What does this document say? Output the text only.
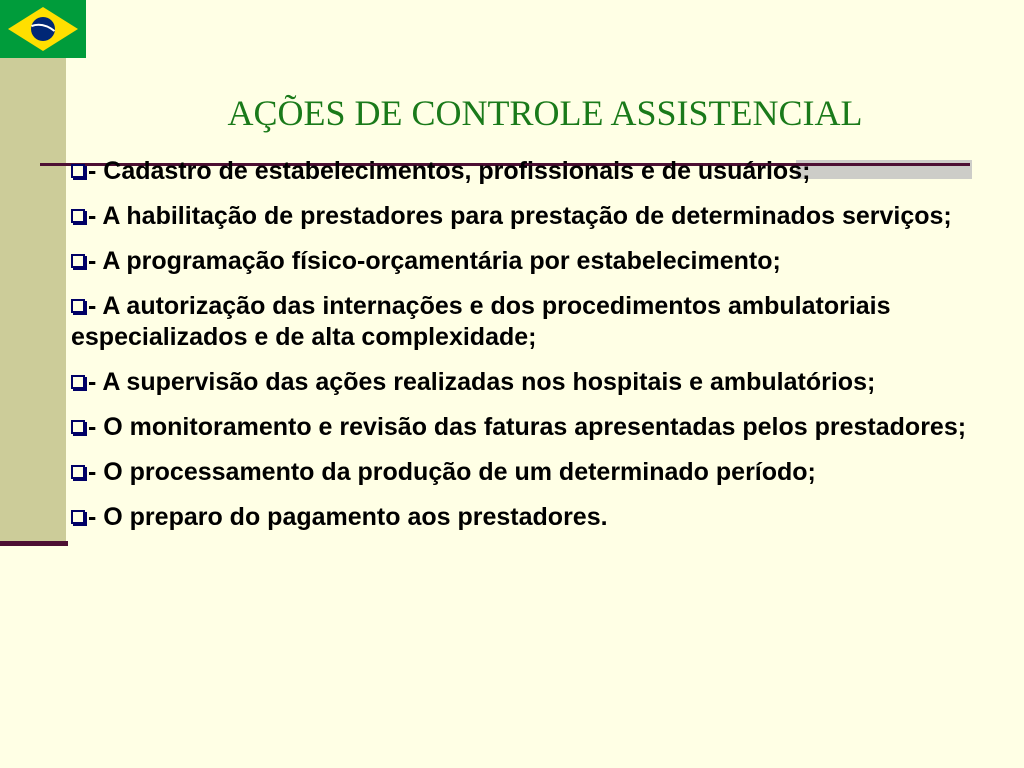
AÇÕES DE CONTROLE ASSISTENCIAL
- Cadastro de estabelecimentos, profissionais e de usuários;
- A habilitação de prestadores para prestação de determinados serviços;
- A programação físico-orçamentária por estabelecimento;
- A autorização das internações e dos procedimentos ambulatoriais especializados e de alta complexidade;
- A supervisão das ações realizadas nos hospitais e ambulatórios;
- O monitoramento e revisão das faturas apresentadas pelos prestadores;
- O processamento da produção de um determinado período;
- O preparo do pagamento aos prestadores.
